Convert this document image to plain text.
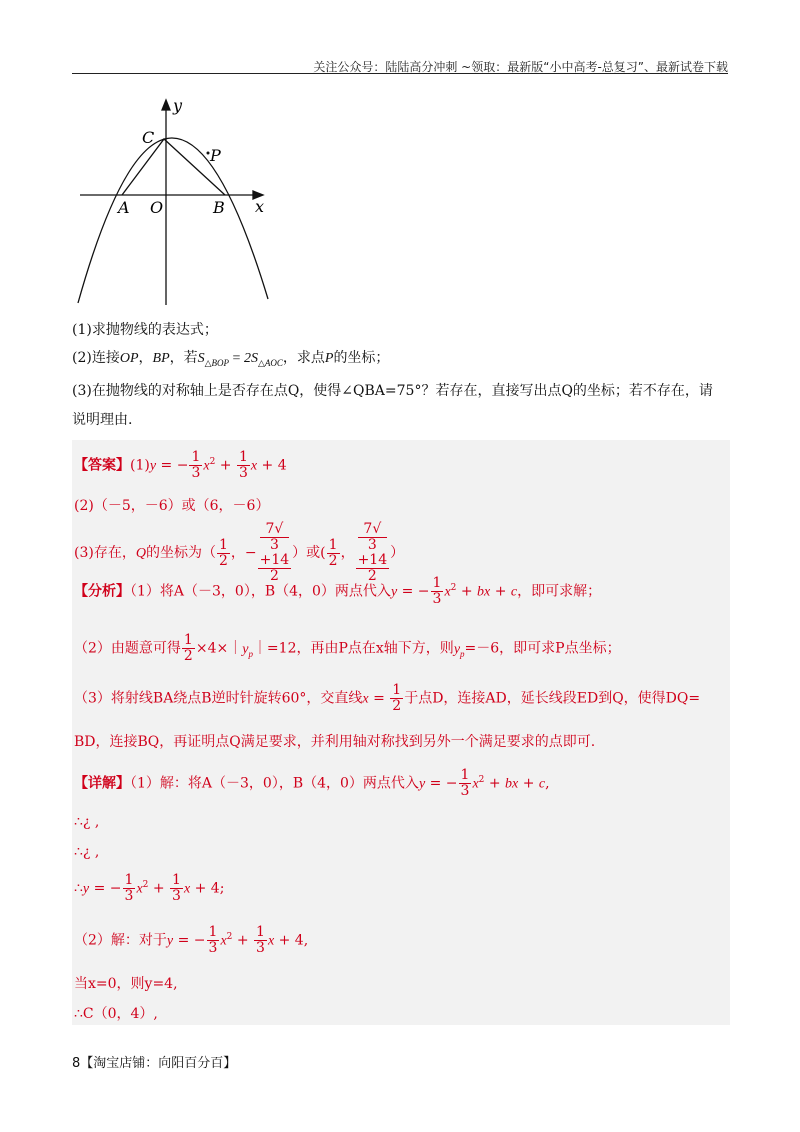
关注公众号：陆陆高分冲刺 ~领取：最新版“小中高考-总复习”、最新试卷下载
y
C
P
A O	B x
(1)求抛物线的表达式；
(2)连接OP，BP，若$S_{\triangle BOP} = 2S_{\triangle AOC}$，求点P的坐标；
(3)在抛物线的对称轴上是否存在点Q，使得∠QBA=75°？若存在，直接写出点Q的坐标；若不存在，请
说明理由.
【答案】(1)y = − $\frac{1}{3} x^2 + \frac{1}{3}$ x + 4
(2)（－5，－6）或（6，－6）
(3)存在，Q的坐标为（ $\frac{1}{2}$ ，− 7√
3
+14
2 ）或( $\frac{1}{2}$ ， 7√
3
+14
2 ）
【分析】（1）将A（－3，0），B（4，0）两点代入y = − $\frac{1}{3} x^2$ + bx + c，即可求解；
（2）由题意可得 $\frac{1}{2}$ $\times 4\times|y_p|=12$，再由P点在x轴下方，则$y_p=-6$，即可求P点坐标；
（3）将射线BA绕点B逆时针旋转60°，交直线$x = \frac{1}{2}$ 于点D，连接AD，延长线段ED到Q，使得DQ=
BD，连接BQ，再证明点Q满足要求，并利用轴对称找到另外一个满足要求的点即可.
【详解】（1）解：将A（－3，0），B（4，0）两点代入y = − $\frac{1}{3} x^2$ + bx + c,
∴¿ ,
∴¿ ,
∴y = − $\frac{1}{3} x^2 + \frac{1}{3}$ x + 4;
（2）解：对于y = − $\frac{1}{3} x^2 + \frac{1}{3}$ x + 4,
当x=0，则y=4,
∴C（0，4）,
8【淘宝店铺：向阳百分百】
